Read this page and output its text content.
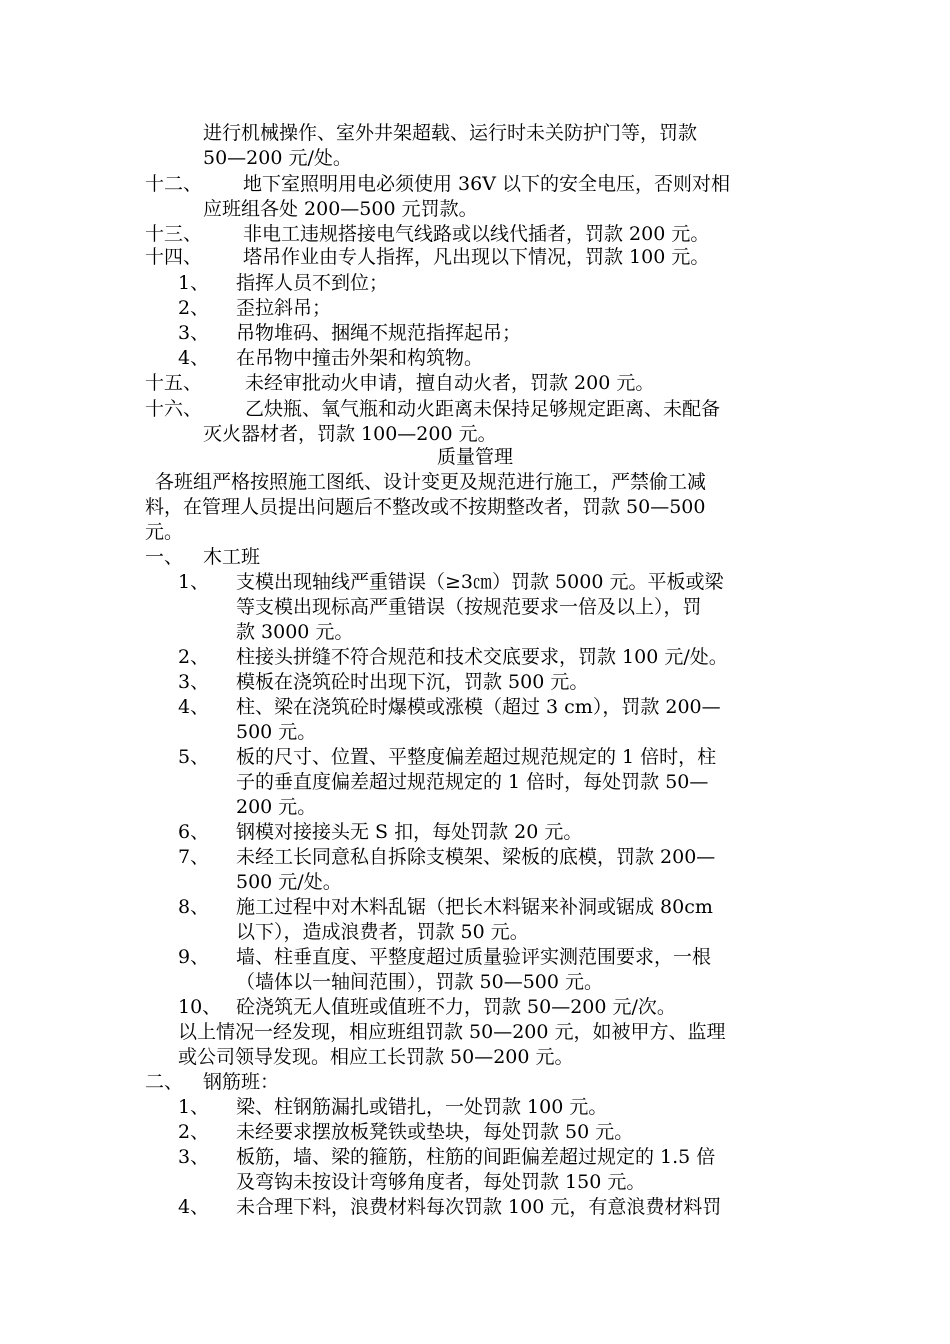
进行机械操作、室外井架超载、运行时未关防护门等，罚款
50—200 元/处。
十二、 地下室照明用电必须使用 36V 以下的安全电压，否则对相
应班组各处 200—500 元罚款。
十三、 非电工违规搭接电气线路或以线代插者，罚款 200 元。
十四、 塔吊作业由专人指挥，凡出现以下情况，罚款 100 元。
1、 指挥人员不到位；
2、 歪拉斜吊；
3、 吊物堆码、捆绳不规范指挥起吊；
4、 在吊物中撞击外架和构筑物。
十五、 未经审批动火申请，擅自动火者，罚款 200 元。
十六、 乙炔瓶、氧气瓶和动火距离未保持足够规定距离、未配备
灭火器材者，罚款 100—200 元。
质量管理
各班组严格按照施工图纸、设计变更及规范进行施工，严禁偷工减
料，在管理人员提出问题后不整改或不按期整改者，罚款 50—500
元。
一、 木工班
1、 支模出现轴线严重错误（≥3㎝）罚款 5000 元。平板或梁
等支模出现标高严重错误（按规范要求一倍及以上），罚
款 3000 元。
2、 柱接头拼缝不符合规范和技术交底要求，罚款 100 元/处。
3、 模板在浇筑砼时出现下沉，罚款 500 元。
4、 柱、梁在浇筑砼时爆模或涨模（超过 3 cm），罚款 200—
500 元。
5、 板的尺寸、位置、平整度偏差超过规范规定的 1 倍时，柱
子的垂直度偏差超过规范规定的 1 倍时，每处罚款 50—
200 元。
6、 钢模对接接头无 S 扣，每处罚款 20 元。
7、 未经工长同意私自拆除支模架、梁板的底模，罚款 200—
500 元/处。
8、 施工过程中对木料乱锯（把长木料锯来补洞或锯成 80cm
以下），造成浪费者，罚款 50 元。
9、 墙、柱垂直度、平整度超过质量验评实测范围要求，一根
（墙体以一轴间范围），罚款 50—500 元。
10、 砼浇筑无人值班或值班不力，罚款 50—200 元/次。
以上情况一经发现，相应班组罚款 50—200 元，如被甲方、监理
或公司领导发现。相应工长罚款 50—200 元。
二、 钢筋班：
1、 梁、柱钢筋漏扎或错扎，一处罚款 100 元。
2、 未经要求摆放板凳铁或垫块，每处罚款 50 元。
3、 板筋，墙、梁的箍筋，柱筋的间距偏差超过规定的 1.5 倍
及弯钩未按设计弯够角度者，每处罚款 150 元。
4、 未合理下料，浪费材料每次罚款 100 元，有意浪费材料罚
